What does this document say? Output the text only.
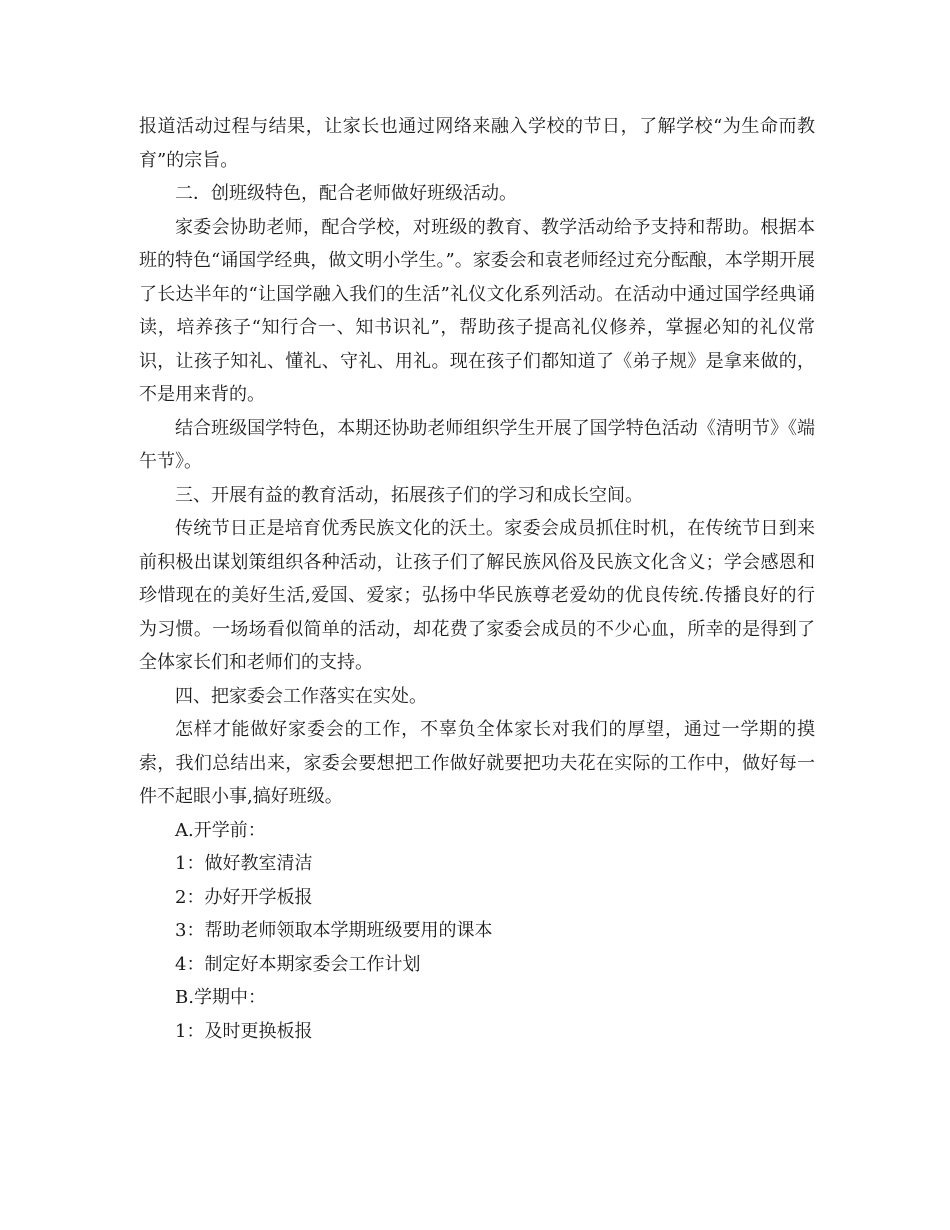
报道活动过程与结果，让家长也通过网络来融入学校的节日，了解学校“为生命而教育”的宗旨。

二．创班级特色，配合老师做好班级活动。

家委会协助老师，配合学校，对班级的教育、教学活动给予支持和帮助。根据本班的特色“诵国学经典，做文明小学生。”。家委会和袁老师经过充分酝酿，本学期开展了长达半年的“让国学融入我们的生活”礼仪文化系列活动。在活动中通过国学经典诵读，培养孩子“知行合一、知书识礼”，帮助孩子提高礼仪修养，掌握必知的礼仪常识，让孩子知礼、懂礼、守礼、用礼。现在孩子们都知道了《弟子规》是拿来做的，不是用来背的。

结合班级国学特色，本期还协助老师组织学生开展了国学特色活动《清明节》《端午节》。

三、开展有益的教育活动，拓展孩子们的学习和成长空间。

传统节日正是培育优秀民族文化的沃土。家委会成员抓住时机，在传统节日到来前积极出谋划策组织各种活动，让孩子们了解民族风俗及民族文化含义；学会感恩和珍惜现在的美好生活,爱国、爱家；弘扬中华民族尊老爱幼的优良传统.传播良好的行为习惯。一场场看似简单的活动，却花费了家委会成员的不少心血，所幸的是得到了全体家长们和老师们的支持。

四、把家委会工作落实在实处。

怎样才能做好家委会的工作，不辜负全体家长对我们的厚望，通过一学期的摸索，我们总结出来，家委会要想把工作做好就要把功夫花在实际的工作中，做好每一件不起眼小事,搞好班级。

A.开学前：

1：做好教室清洁

2：办好开学板报

3：帮助老师领取本学期班级要用的课本

4：制定好本期家委会工作计划

B.学期中：

1：及时更换板报
